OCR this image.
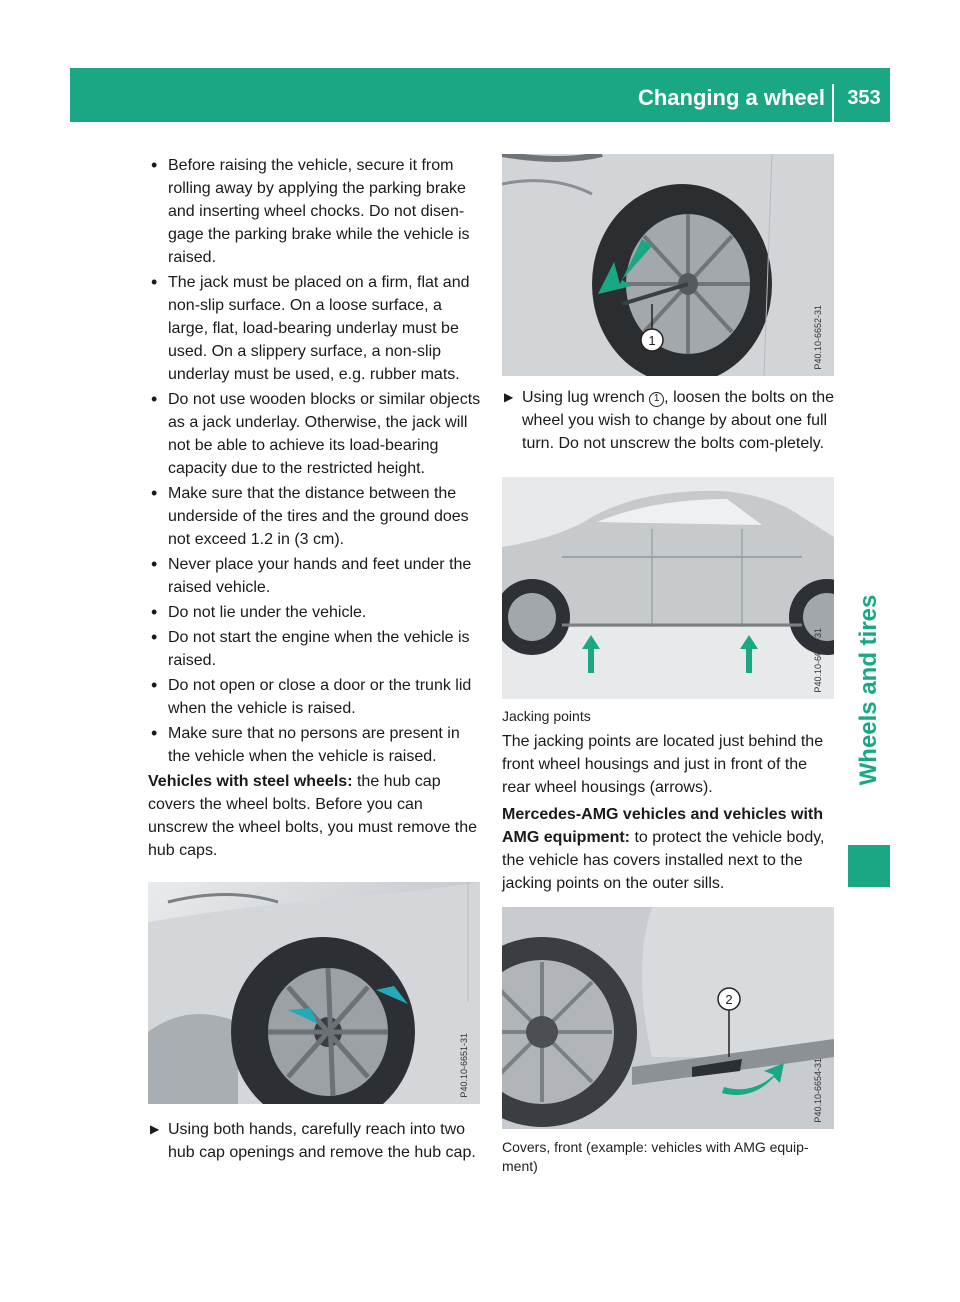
Changing a wheel	353
Wheels and tires
• Before raising the vehicle, secure it from rolling away by applying the parking brake and inserting wheel chocks. Do not disen-gage the parking brake while the vehicle is raised.
• The jack must be placed on a firm, flat and non-slip surface. On a loose surface, a large, flat, load-bearing underlay must be used. On a slippery surface, a non-slip underlay must be used, e.g. rubber mats.
• Do not use wooden blocks or similar objects as a jack underlay. Otherwise, the jack will not be able to achieve its load-bearing capacity due to the restricted height.
• Make sure that the distance between the underside of the tires and the ground does not exceed 1.2 in (3 cm).
• Never place your hands and feet under the raised vehicle.
• Do not lie under the vehicle.
• Do not start the engine when the vehicle is raised.
• Do not open or close a door or the trunk lid when the vehicle is raised.
• Make sure that no persons are present in the vehicle when the vehicle is raised.

Vehicles with steel wheels: the hub cap covers the wheel bolts. Before you can unscrew the wheel bolts, you must remove the hub caps.

P40.10-6651-31
▶ Using both hands, carefully reach into two hub cap openings and remove the hub cap.
1	P40.10-6652-31
▶ Using lug wrench 1 , loosen the bolts on the wheel you wish to change by about one full turn. Do not unscrew the bolts com-pletely.
P40.10-6653-31
Jacking points

The jacking points are located just behind the front wheel housings and just in front of the rear wheel housings (arrows).

Mercedes-AMG vehicles and vehicles with AMG equipment: to protect the vehicle body, the vehicle has covers installed next to the jacking points on the outer sills.

2
P40.10-6654-31
Covers, front (example: vehicles with AMG equip-ment)
